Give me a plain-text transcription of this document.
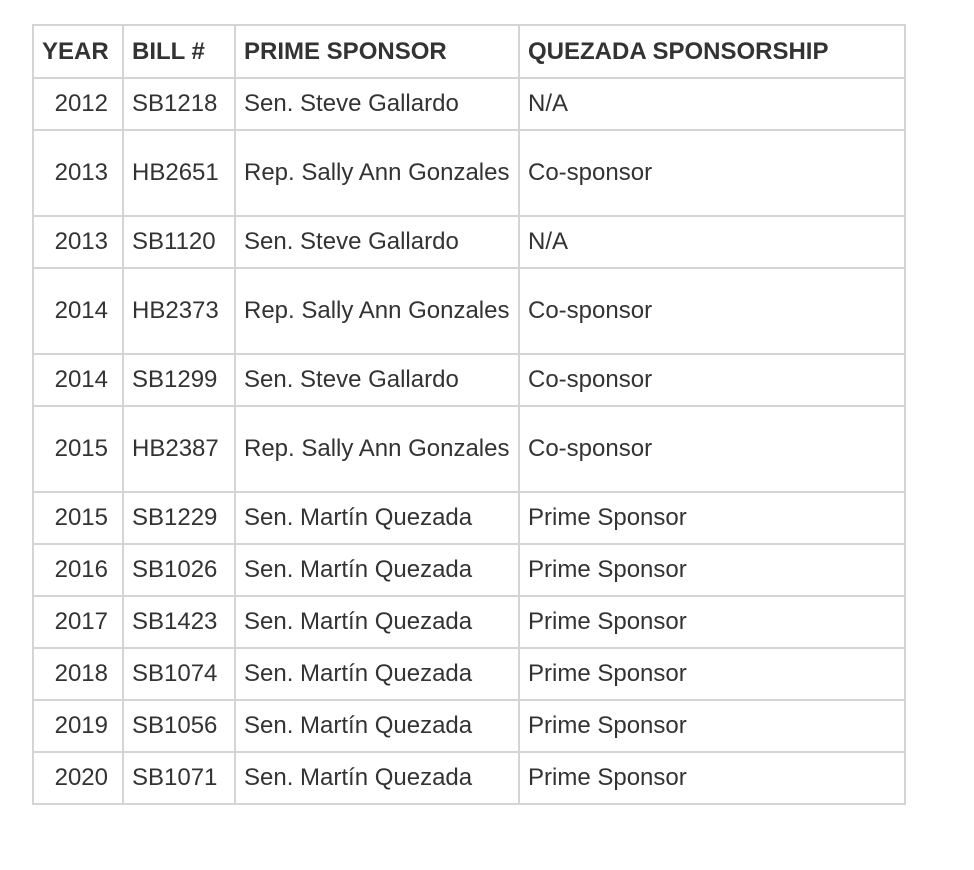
YEAR	BILL #	PRIME SPONSOR	QUEZADA SPONSORSHIP
2012	SB1218	Sen. Steve Gallardo	N/A
2013	HB2651	Rep. Sally Ann Gonzales	Co-sponsor
2013	SB1120	Sen. Steve Gallardo	N/A
2014	HB2373	Rep. Sally Ann Gonzales	Co-sponsor
2014	SB1299	Sen. Steve Gallardo	Co-sponsor
2015	HB2387	Rep. Sally Ann Gonzales	Co-sponsor
2015	SB1229	Sen. Martín Quezada	Prime Sponsor
2016	SB1026	Sen. Martín Quezada	Prime Sponsor
2017	SB1423	Sen. Martín Quezada	Prime Sponsor
2018	SB1074	Sen. Martín Quezada	Prime Sponsor
2019	SB1056	Sen. Martín Quezada	Prime Sponsor
2020	SB1071	Sen. Martín Quezada	Prime Sponsor
